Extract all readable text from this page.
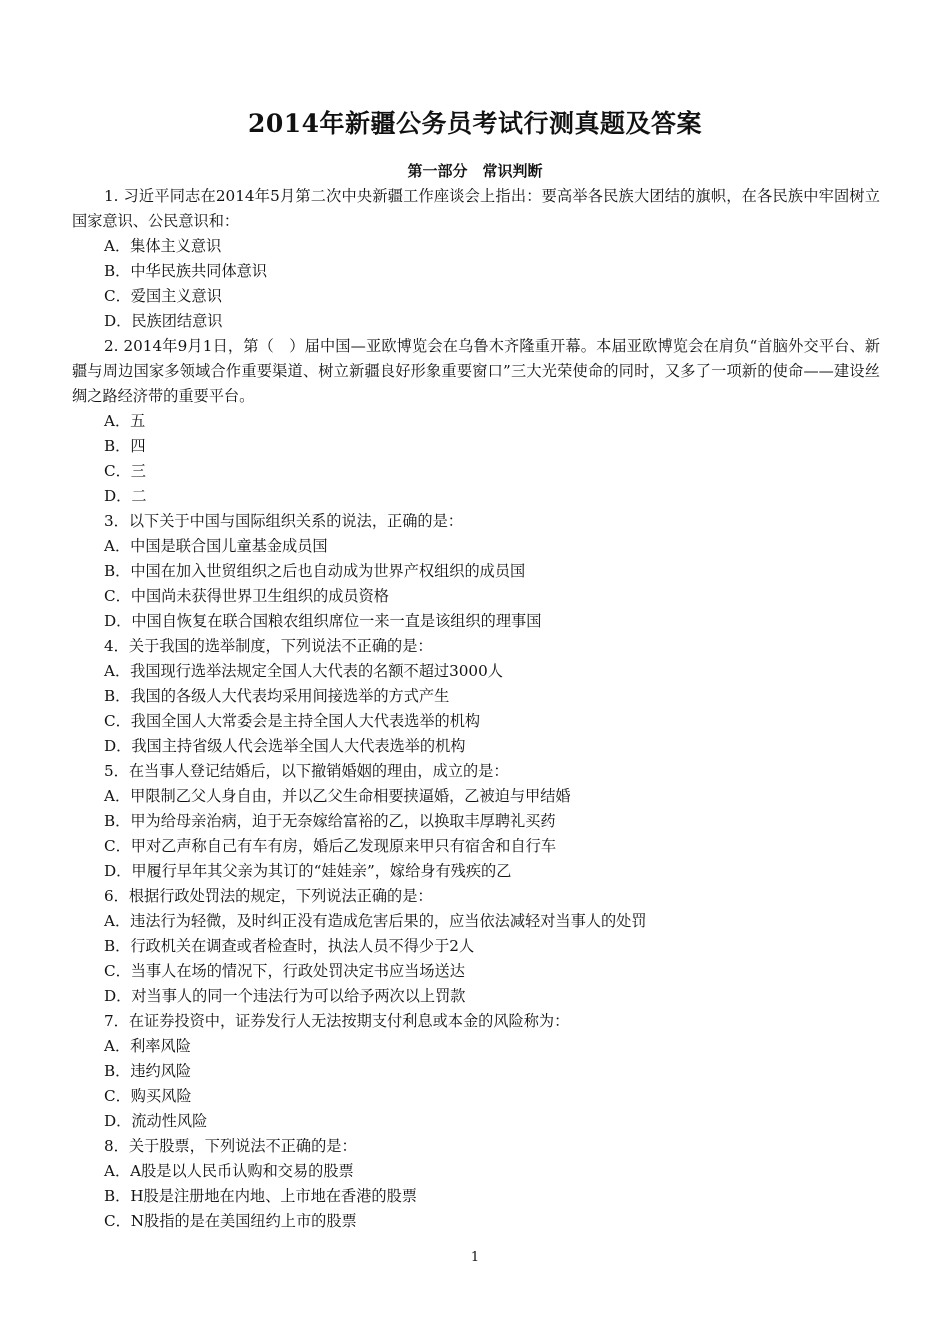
2014年新疆公务员考试行测真题及答案
第一部分　常识判断

1. 习近平同志在2014年5月第二次中央新疆工作座谈会上指出：要高举各民族大团结的旗帜，在各民族中牢固树立国家意识、公民意识和：

A．集体主义意识

B．中华民族共同体意识

C．爱国主义意识

D．民族团结意识

2. 2014年9月1日，第（　）届中国—亚欧博览会在乌鲁木齐隆重开幕。本届亚欧博览会在肩负“首脑外交平台、新疆与周边国家多领域合作重要渠道、树立新疆良好形象重要窗口”三大光荣使命的同时，又多了一项新的使命——建设丝绸之路经济带的重要平台。

A．五

B．四

C．三

D．二

3．以下关于中国与国际组织关系的说法，正确的是：

A．中国是联合国儿童基金成员国

B．中国在加入世贸组织之后也自动成为世界产权组织的成员国

C．中国尚未获得世界卫生组织的成员资格

D．中国自恢复在联合国粮农组织席位一来一直是该组织的理事国

4．关于我国的选举制度，下列说法不正确的是：

A．我国现行选举法规定全国人大代表的名额不超过3000人

B．我国的各级人大代表均采用间接选举的方式产生

C．我国全国人大常委会是主持全国人大代表选举的机构

D．我国主持省级人代会选举全国人大代表选举的机构

5．在当事人登记结婚后，以下撤销婚姻的理由，成立的是：

A．甲限制乙父人身自由，并以乙父生命相要挟逼婚，乙被迫与甲结婚

B．甲为给母亲治病，迫于无奈嫁给富裕的乙，以换取丰厚聘礼买药

C．甲对乙声称自己有车有房，婚后乙发现原来甲只有宿舍和自行车

D．甲履行早年其父亲为其订的“娃娃亲”，嫁给身有残疾的乙

6．根据行政处罚法的规定，下列说法正确的是：

A．违法行为轻微，及时纠正没有造成危害后果的，应当依法减轻对当事人的处罚

B．行政机关在调查或者检查时，执法人员不得少于2人

C．当事人在场的情况下，行政处罚决定书应当场送达

D．对当事人的同一个违法行为可以给予两次以上罚款

7．在证券投资中，证券发行人无法按期支付利息或本金的风险称为：

A．利率风险

B．违约风险

C．购买风险

D．流动性风险

8．关于股票，下列说法不正确的是：

A．A股是以人民币认购和交易的股票

B．H股是注册地在内地、上市地在香港的股票

C．N股指的是在美国纽约上市的股票

1
